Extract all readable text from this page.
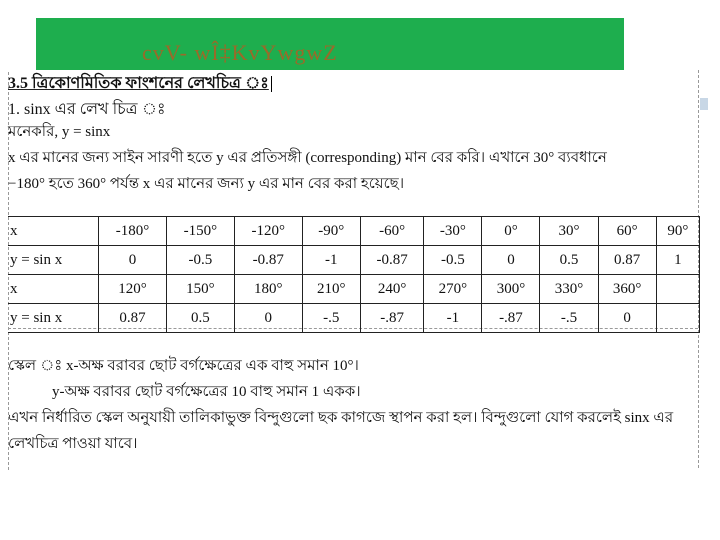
cvV- wÎ‡KvYwgwZ
3.5 ত্রিকোণমিতিক ফাংশনের লেখচিত্র ঃ
1. sinx এর লেখ চিত্র ঃ
মনেকরি, y = sinx
x এর মানের জন্য সাইন সারণী হতে y এর প্রতিসঙ্গী (corresponding) মান বের করি। এখানে 30° ব্যবধানে
−180° হতে 360° পর্যন্ত x এর মানের জন্য y এর মান বের করা হয়েছে।
x	-180°	-150°	-120°	-90°	-60°	-30°	0°	30°	60°	90°
y = sin x	0	-0.5	-0.87	-1	-0.87	-0.5	0	0.5	0.87	1
x	120°	150°	180°	210°	240°	270°	300°	330°	360°	
y = sin x	0.87	0.5	0	-.5	-.87	-1	-.87	-.5	0	
স্কেল ঃ x-অক্ষ বরাবর ছোট বর্গক্ষেত্রের এক বাহু সমান 10°।
y-অক্ষ বরাবর ছোট বর্গক্ষেত্রের 10 বাহু সমান 1 একক।
এখন নির্ধারিত স্কেল অনুযায়ী তালিকাভুক্ত বিন্দুগুলো ছক কাগজে স্থাপন করা হল। বিন্দুগুলো যোগ করলেই sinx এর
লেখচিত্র পাওয়া যাবে।
